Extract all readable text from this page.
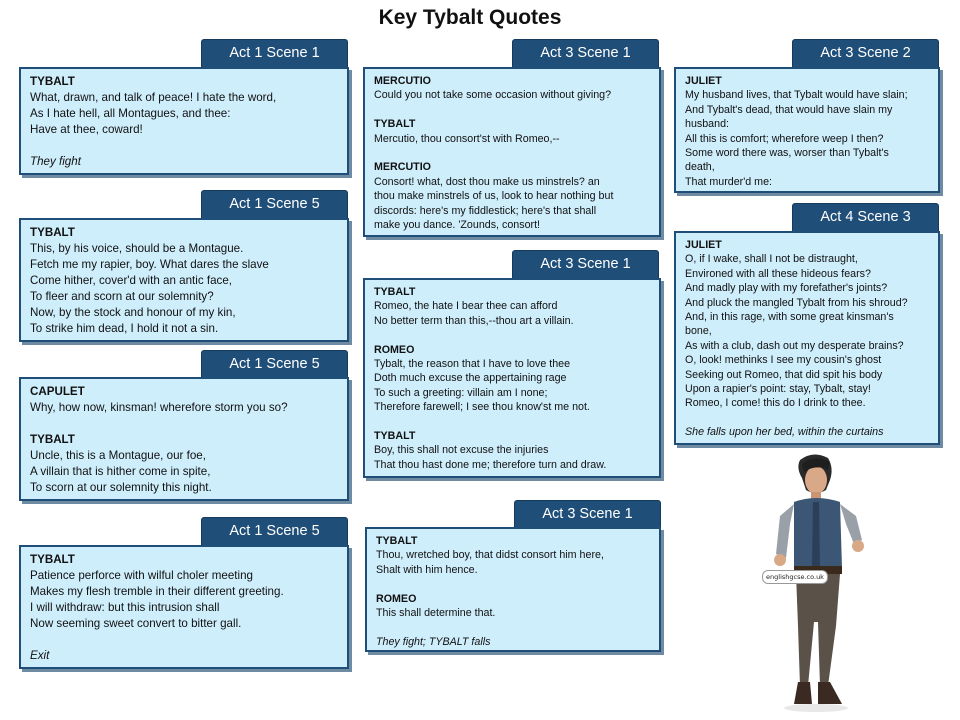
Key Tybalt Quotes
Act 1 Scene 1
TYBALT
What, drawn, and talk of peace! I hate the word,
As I hate hell, all Montagues, and thee:
Have at thee, coward!
They fight
Act 1 Scene 5
TYBALT
This, by his voice, should be a Montague.
Fetch me my rapier, boy. What dares the slave
Come hither, cover'd with an antic face,
To fleer and scorn at our solemnity?
Now, by the stock and honour of my kin,
To strike him dead, I hold it not a sin.
Act 1 Scene 5
CAPULET
Why, how now, kinsman! wherefore storm you so?
TYBALT
Uncle, this is a Montague, our foe,
A villain that is hither come in spite,
To scorn at our solemnity this night.
Act 1 Scene 5
TYBALT
Patience perforce with wilful choler meeting
Makes my flesh tremble in their different greeting.
I will withdraw: but this intrusion shall
Now seeming sweet convert to bitter gall.
Exit
Act 3 Scene 1
MERCUTIO
Could you not take some occasion without giving?
TYBALT
Mercutio, thou consort'st with Romeo,--
MERCUTIO
Consort! what, dost thou make us minstrels? an
thou make minstrels of us, look to hear nothing but
discords: here's my fiddlestick; here's that shall
make you dance. 'Zounds, consort!
Act 3 Scene 1
TYBALT
Romeo, the hate I bear thee can afford
No better term than this,--thou art a villain.
ROMEO
Tybalt, the reason that I have to love thee
Doth much excuse the appertaining rage
To such a greeting: villain am I none;
Therefore farewell; I see thou know'st me not.
TYBALT
Boy, this shall not excuse the injuries
That thou hast done me; therefore turn and draw.
Act 3 Scene 1
TYBALT
Thou, wretched boy, that didst consort him here,
Shalt with him hence.
ROMEO
This shall determine that.
They fight; TYBALT falls
Act 3 Scene 2
JULIET
My husband lives, that Tybalt would have slain;
And Tybalt's dead, that would have slain my
husband:
All this is comfort; wherefore weep I then?
Some word there was, worser than Tybalt's
death,
That murder'd me:
Act 4 Scene 3
JULIET
O, if I wake, shall I not be distraught,
Environed with all these hideous fears?
And madly play with my forefather's joints?
And pluck the mangled Tybalt from his shroud?
And, in this rage, with some great kinsman's
bone,
As with a club, dash out my desperate brains?
O, look! methinks I see my cousin's ghost
Seeking out Romeo, that did spit his body
Upon a rapier's point: stay, Tybalt, stay!
Romeo, I come! this do I drink to thee.
She falls upon her bed, within the curtains
englishgcse.co.uk
